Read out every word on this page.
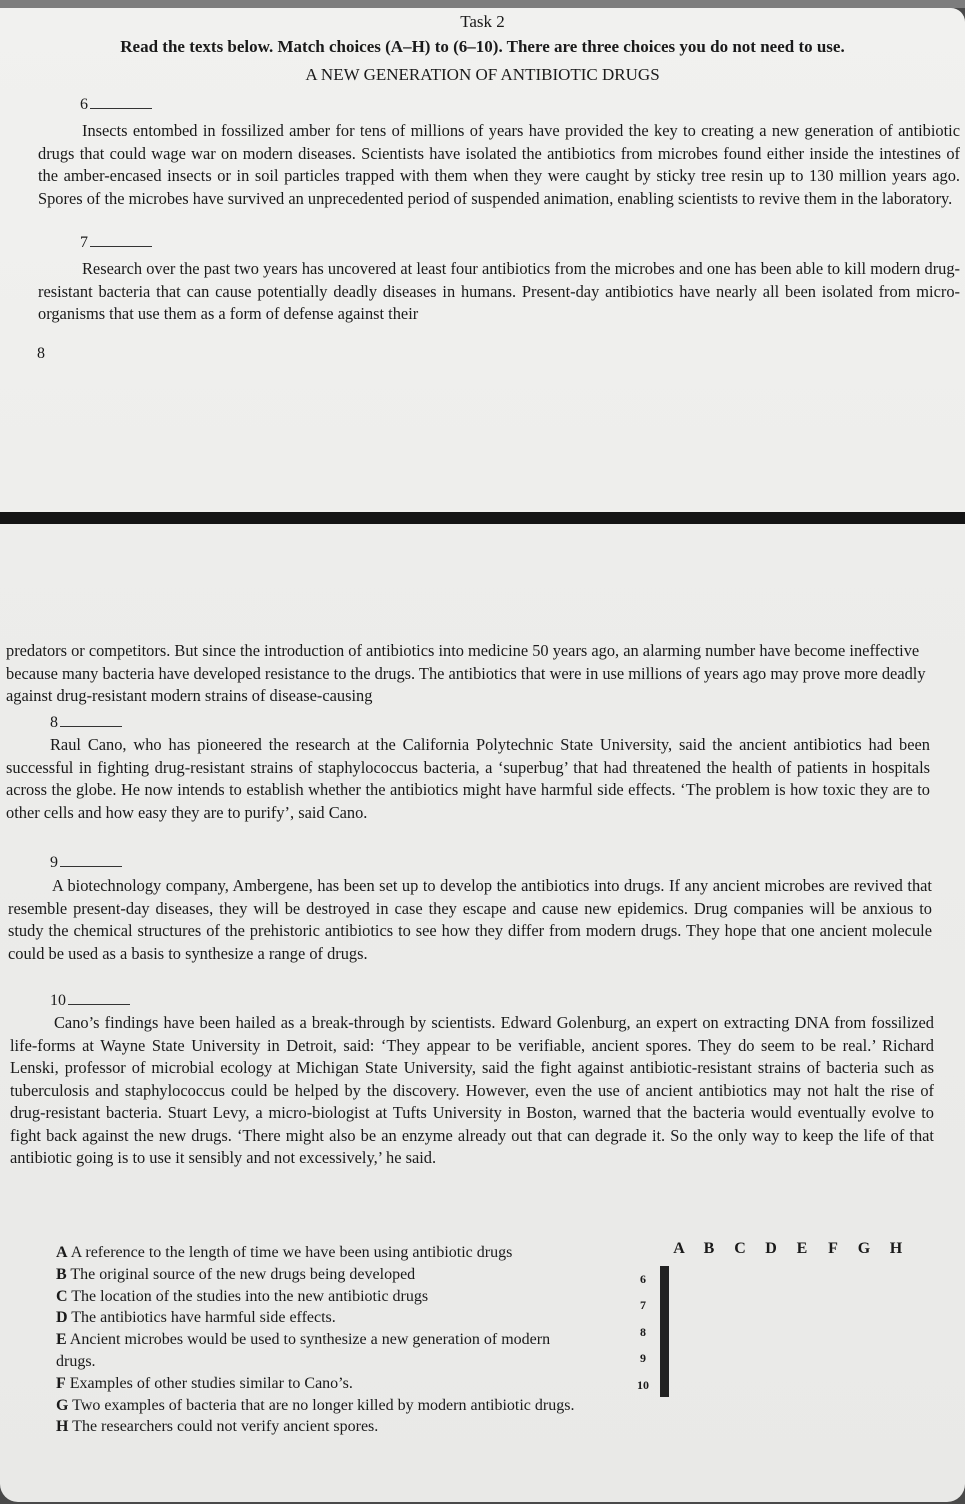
Task 2
Read the texts below. Match choices (A–H) to (6–10). There are three choices you do not need to use.
A NEW GENERATION OF ANTIBIOTIC DRUGS
6

Insects entombed in fossilized amber for tens of millions of years have provided the key to creating a new generation of antibiotic drugs that could wage war on modern diseases. Scientists have isolated the antibiotics from microbes found either inside the intestines of the amber-encased insects or in soil particles trapped with them when they were caught by sticky tree resin up to 130 million years ago. Spores of the microbes have survived an unprecedented period of suspended animation, enabling scientists to revive them in the laboratory.

7

Research over the past two years has uncovered at least four antibiotics from the microbes and one has been able to kill modern drug-resistant bacteria that can cause potentially deadly diseases in humans. Present-day antibiotics have nearly all been isolated from micro-organisms that use them as a form of defense against their

8

predators or competitors. But since the introduction of antibiotics into medicine 50 years ago, an alarming number have become ineffective because many bacteria have developed resistance to the drugs. The antibiotics that were in use millions of years ago may prove more deadly against drug-resistant modern strains of disease-causing

8

Raul Cano, who has pioneered the research at the California Polytechnic State University, said the ancient antibiotics had been successful in fighting drug-resistant strains of staphylococcus bacteria, a ‘superbug’ that had threatened the health of patients in hospitals across the globe. He now intends to establish whether the antibiotics might have harmful side effects. ‘The problem is how toxic they are to other cells and how easy they are to purify’, said Cano.

9

A biotechnology company, Ambergene, has been set up to develop the antibiotics into drugs. If any ancient microbes are revived that resemble present-day diseases, they will be destroyed in case they escape and cause new epidemics. Drug companies will be anxious to study the chemical structures of the prehistoric antibiotics to see how they differ from modern drugs. They hope that one ancient molecule could be used as a basis to synthesize a range of drugs.

10

Cano’s findings have been hailed as a break-through by scientists. Edward Golenburg, an expert on extracting DNA from fossilized life-forms at Wayne State University in Detroit, said: ‘They appear to be verifiable, ancient spores. They do seem to be real.’ Richard Lenski, professor of microbial ecology at Michigan State University, said the fight against antibiotic-resistant strains of bacteria such as tuberculosis and staphylococcus could be helped by the discovery. However, even the use of ancient antibiotics may not halt the rise of drug-resistant bacteria. Stuart Levy, a micro-biologist at Tufts University in Boston, warned that the bacteria would eventually evolve to fight back against the new drugs. ‘There might also be an enzyme already out that can degrade it. So the only way to keep the life of that antibiotic going is to use it sensibly and not excessively,’ he said.

A A reference to the length of time we have been using antibiotic drugs

B The original source of the new drugs being developed

C The location of the studies into the new antibiotic drugs

D The antibiotics have harmful side effects.

E Ancient microbes would be used to synthesize a new generation of modern drugs.

F Examples of other studies similar to Cano’s.

G Two examples of bacteria that are no longer killed by modern antibiotic drugs.

H The researchers could not verify ancient spores.

A	B	C	D	E	F	G	H
6
7
8
9
10
